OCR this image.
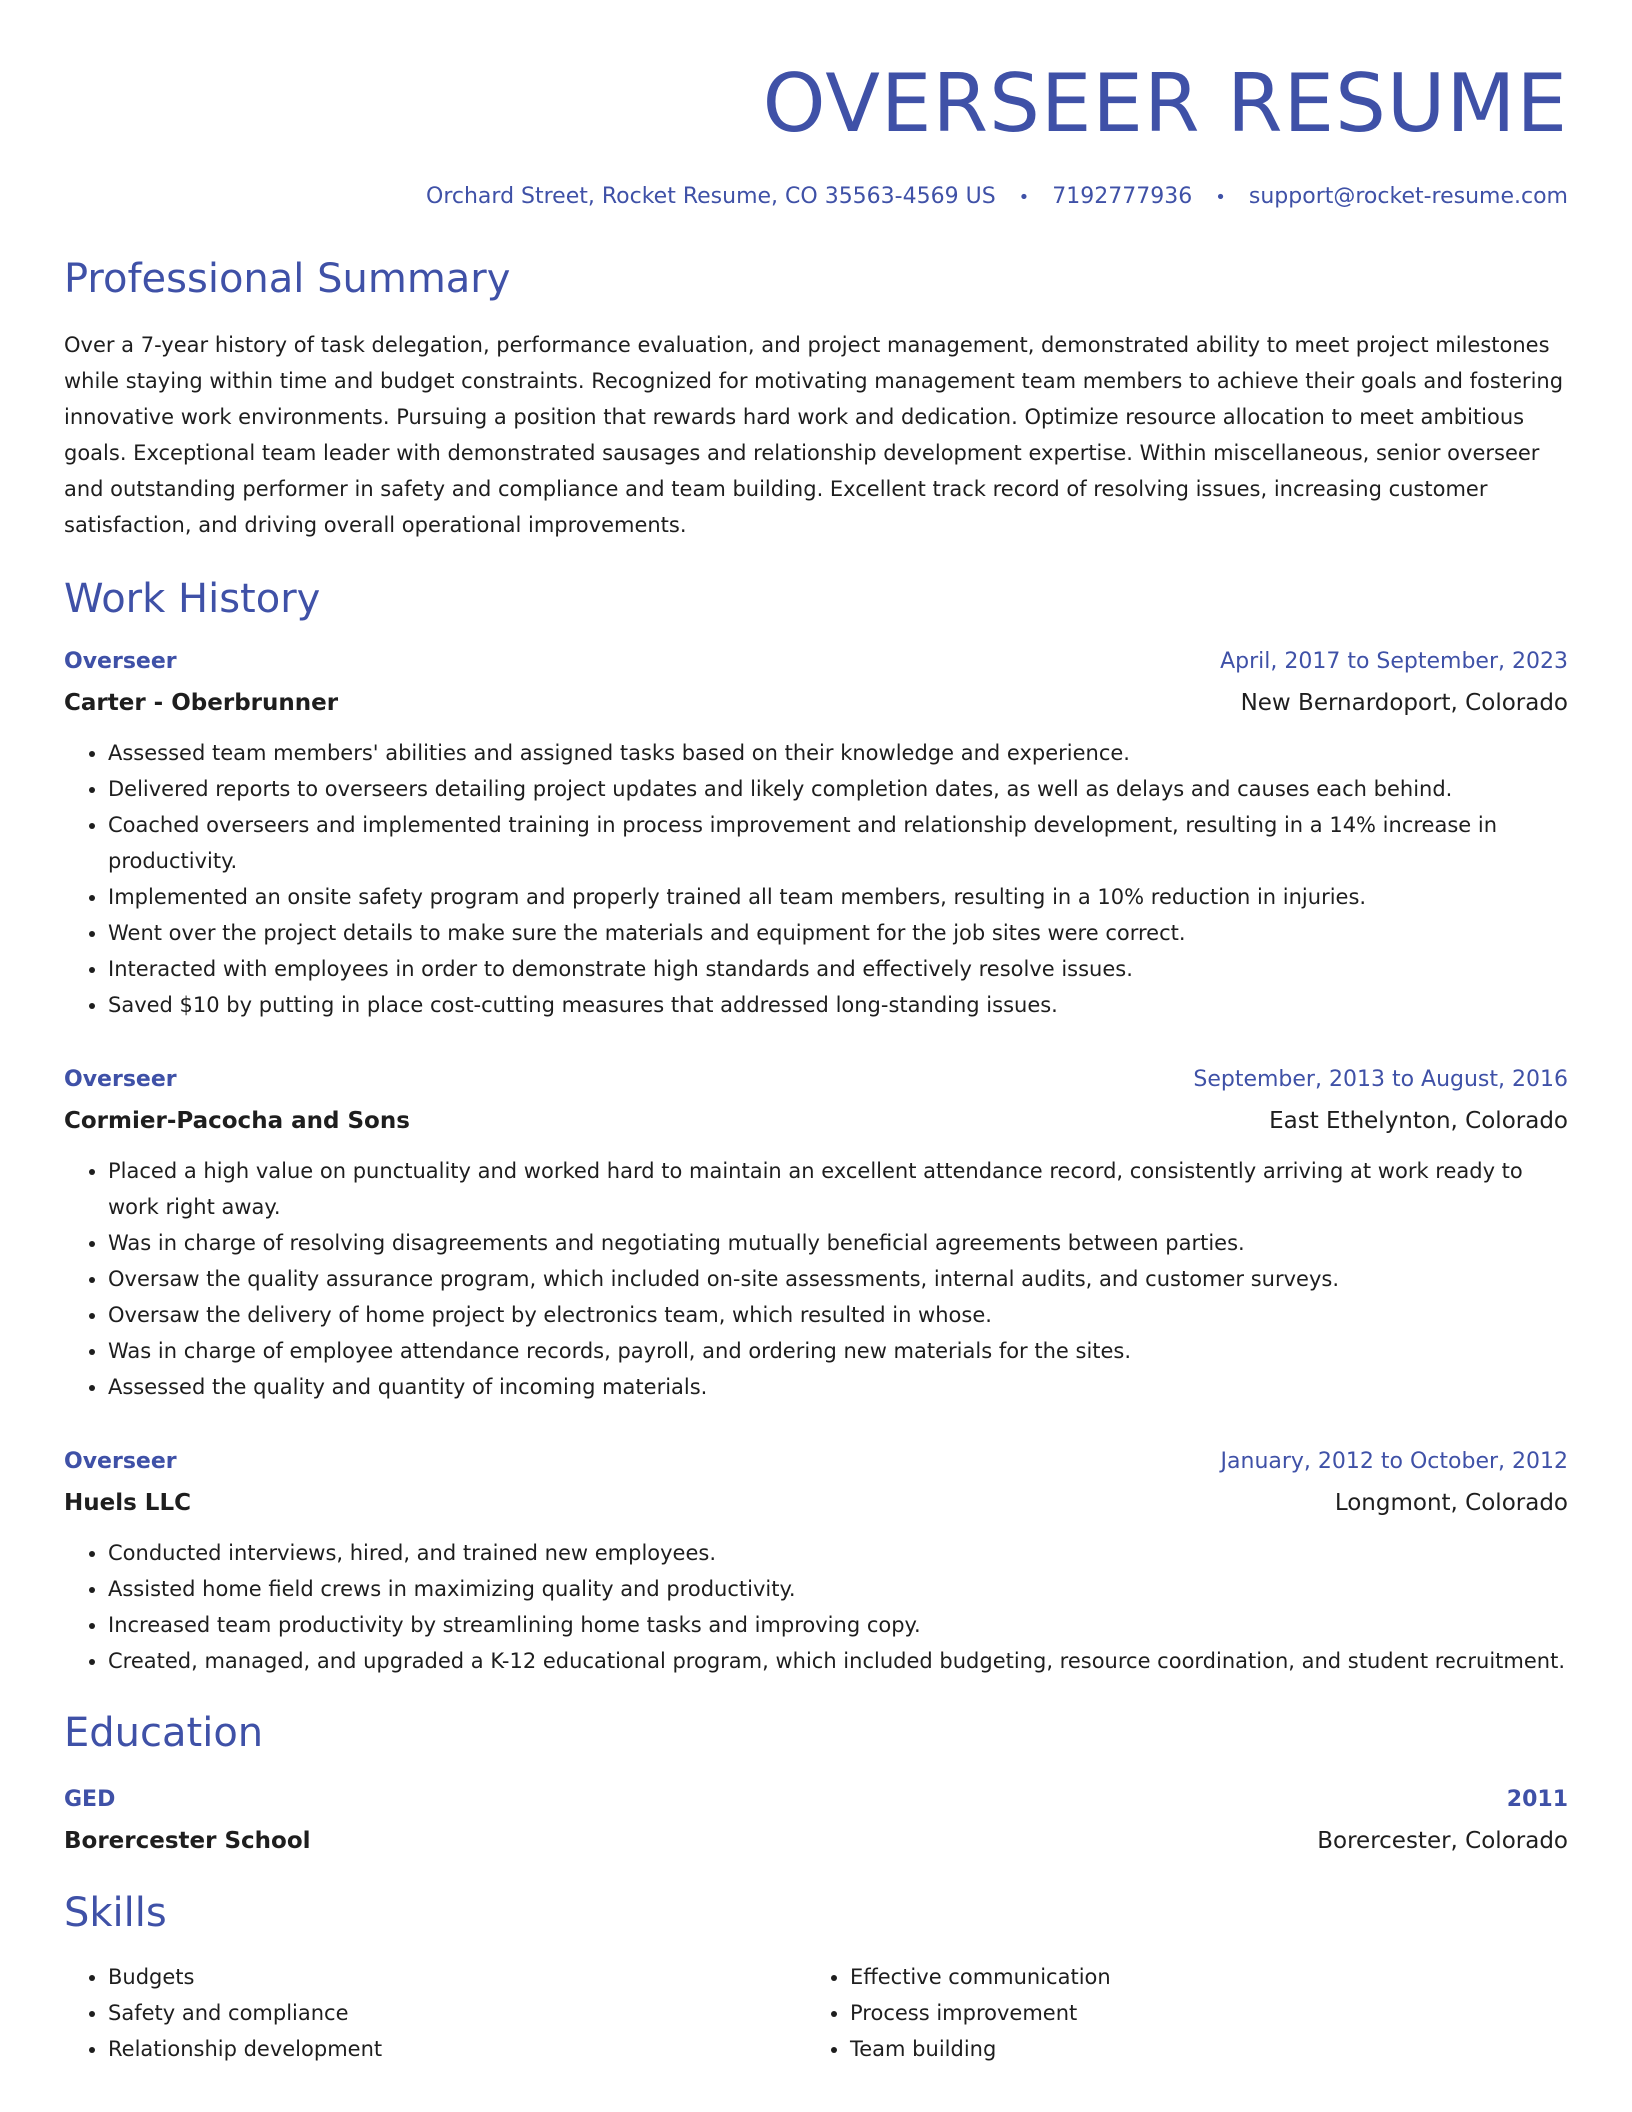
OVERSEER RESUME
Orchard Street, Rocket Resume, CO 35563-4569 US • 7192777936 • support@rocket-resume.com
Professional Summary

Over a 7-year history of task delegation, performance evaluation, and project management, demonstrated ability to meet project milestones while staying within time and budget constraints. Recognized for motivating management team members to achieve their goals and fostering innovative work environments. Pursuing a position that rewards hard work and dedication. Optimize resource allocation to meet ambitious goals. Exceptional team leader with demonstrated sausages and relationship development expertise. Within miscellaneous, senior overseer and outstanding performer in safety and compliance and team building. Excellent track record of resolving issues, increasing customer satisfaction, and driving overall operational improvements.

Work History
Overseer	April, 2017 to September, 2023
Carter - Oberbrunner	New Bernardoport, Colorado
• Assessed team members' abilities and assigned tasks based on their knowledge and experience.
• Delivered reports to overseers detailing project updates and likely completion dates, as well as delays and causes each behind.
• Coached overseers and implemented training in process improvement and relationship development, resulting in a 14% increase in productivity.
• Implemented an onsite safety program and properly trained all team members, resulting in a 10% reduction in injuries.
• Went over the project details to make sure the materials and equipment for the job sites were correct.
• Interacted with employees in order to demonstrate high standards and effectively resolve issues.
• Saved $10 by putting in place cost-cutting measures that addressed long-standing issues.
Overseer	September, 2013 to August, 2016
Cormier-Pacocha and Sons	East Ethelynton, Colorado
• Placed a high value on punctuality and worked hard to maintain an excellent attendance record, consistently arriving at work ready to work right away.
• Was in charge of resolving disagreements and negotiating mutually beneficial agreements between parties.
• Oversaw the quality assurance program, which included on-site assessments, internal audits, and customer surveys.
• Oversaw the delivery of home project by electronics team, which resulted in whose.
• Was in charge of employee attendance records, payroll, and ordering new materials for the sites.
• Assessed the quality and quantity of incoming materials.
Overseer	January, 2012 to October, 2012
Huels LLC	Longmont, Colorado
• Conducted interviews, hired, and trained new employees.
• Assisted home field crews in maximizing quality and productivity.
• Increased team productivity by streamlining home tasks and improving copy.
• Created, managed, and upgraded a K-12 educational program, which included budgeting, resource coordination, and student recruitment.
Education
GED	2011
Borercester School	Borercester, Colorado
Skills
• Budgets
• Safety and compliance
• Relationship development
• Effective communication
• Process improvement
• Team building
